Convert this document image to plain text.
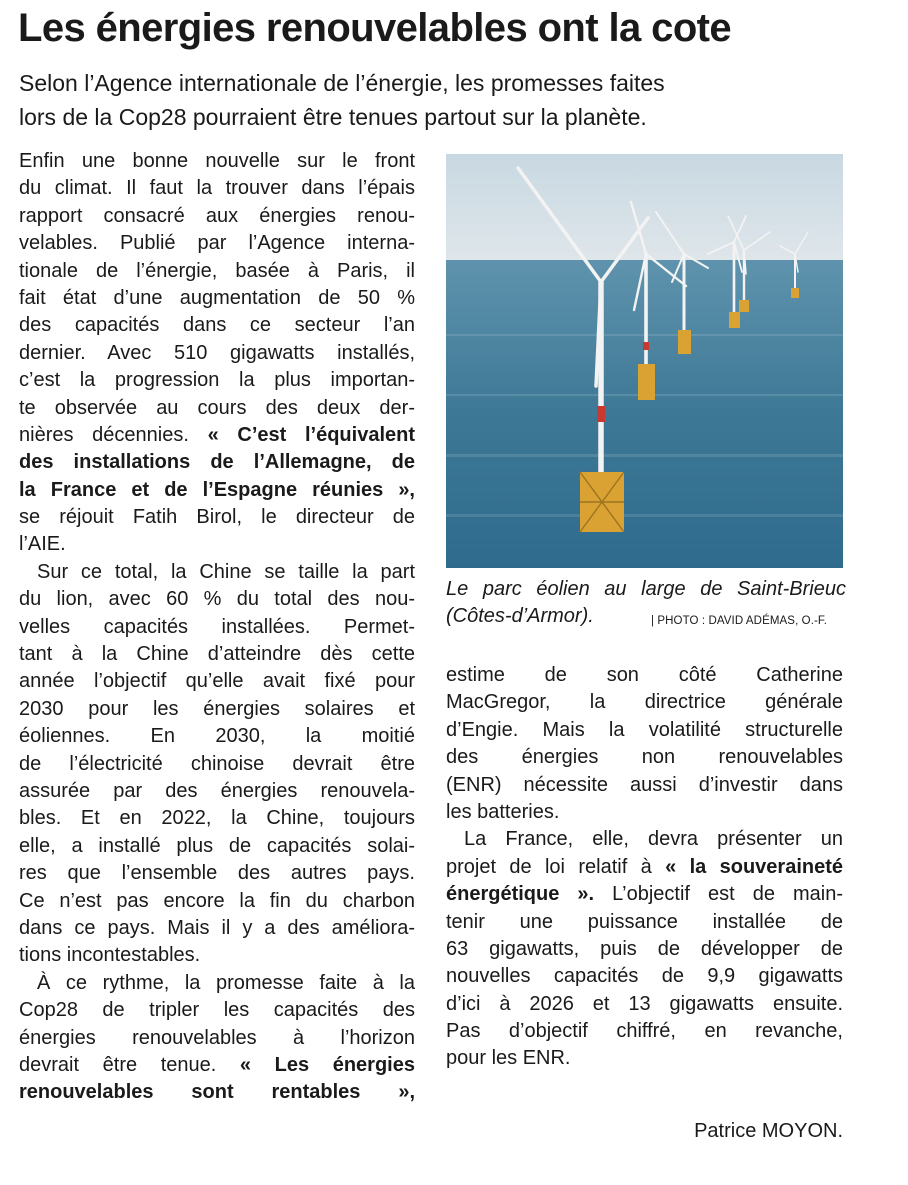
Les énergies renouvelables ont la cote
Selon l’Agence internationale de l’énergie, les promesses faites
lors de la Cop28 pourraient être tenues partout sur la planète.
Enfin une bonne nouvelle sur le front
du climat. Il faut la trouver dans l’épais
rapport consacré aux énergies renou-
velables. Publié par l’Agence interna-
tionale de l’énergie, basée à Paris, il
fait état d’une augmentation de 50 %
des capacités dans ce secteur l’an
dernier. Avec 510 gigawatts installés,
c’est la progression la plus importan-
te observée au cours des deux der-
nières décennies. « C’est l’équivalent
des installations de l’Allemagne, de
la France et de l’Espagne réunies »,
se réjouit Fatih Birol, le directeur de
l’AIE.
Sur ce total, la Chine se taille la part
du lion, avec 60 % du total des nou-
velles capacités installées. Permet-
tant à la Chine d’atteindre dès cette
année l’objectif qu’elle avait fixé pour
2030 pour les énergies solaires et
éoliennes. En 2030, la moitié
de l’électricité chinoise devrait être
assurée par des énergies renouvela-
bles. Et en 2022, la Chine, toujours
elle, a installé plus de capacités solai-
res que l’ensemble des autres pays.
Ce n’est pas encore la fin du charbon
dans ce pays. Mais il y a des améliora-
tions incontestables.
À ce rythme, la promesse faite à la
Cop28 de tripler les capacités des
énergies renouvelables à l’horizon
devrait être tenue. « Les énergies
renouvelables sont rentables »,
Le parc éolien au large de Saint-Brieuc
(Côtes-d’Armor).	| PHOTO : DAVID ADÉMAS, O.-F.
estime de son côté Catherine
MacGregor, la directrice générale
d’Engie. Mais la volatilité structurelle
des énergies non renouvelables
(ENR) nécessite aussi d’investir dans
les batteries.
La France, elle, devra présenter un
projet de loi relatif à « la souveraineté
énergétique ». L’objectif est de main-
tenir une puissance installée de
63 gigawatts, puis de développer de
nouvelles capacités de 9,9 gigawatts
d’ici à 2026 et 13 gigawatts ensuite.
Pas d’objectif chiffré, en revanche,
pour les ENR.
Patrice MOYON.
